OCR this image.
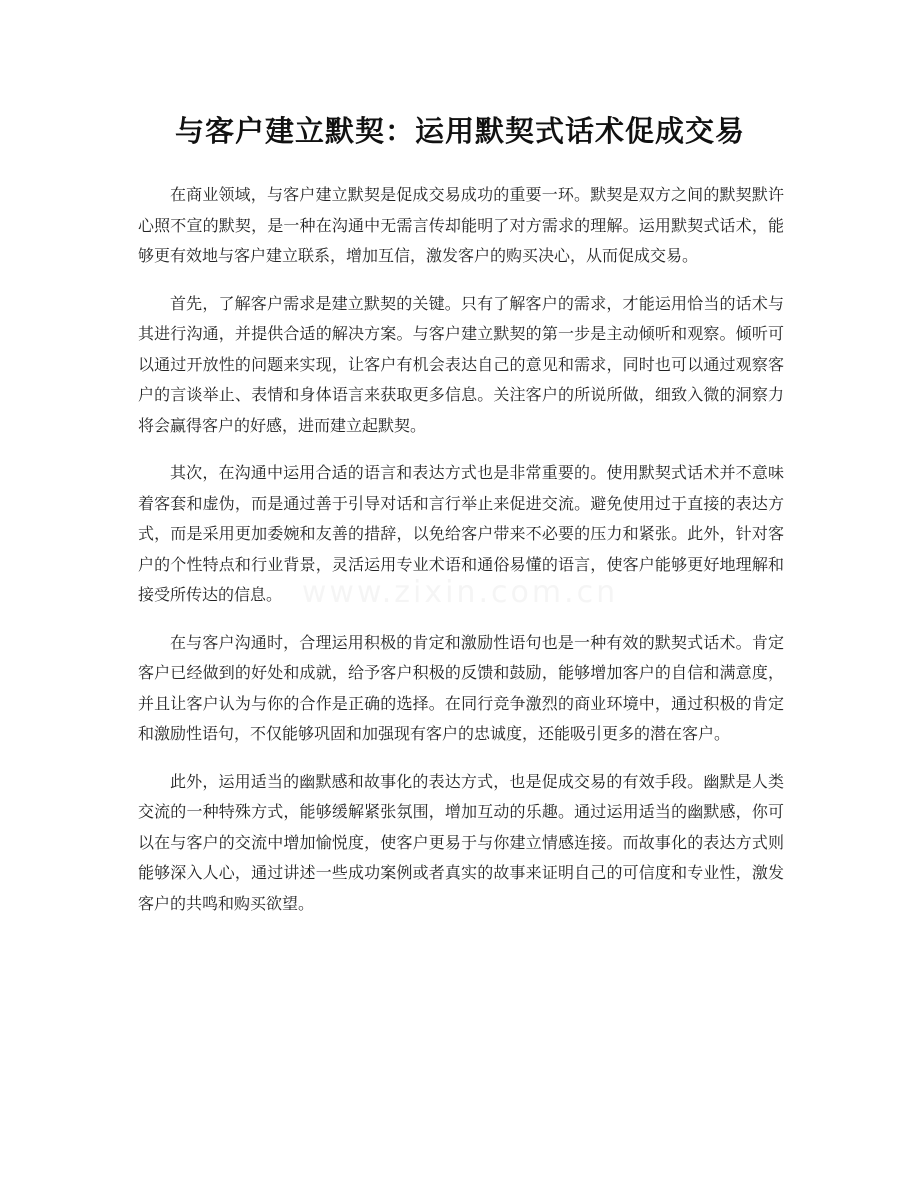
与客户建立默契：运用默契式话术促成交易

在商业领域，与客户建立默契是促成交易成功的重要一环。默契是双方之间的默契默许心照不宣的默契，是一种在沟通中无需言传却能明了对方需求的理解。运用默契式话术，能够更有效地与客户建立联系，增加互信，激发客户的购买决心，从而促成交易。

首先，了解客户需求是建立默契的关键。只有了解客户的需求，才能运用恰当的话术与其进行沟通，并提供合适的解决方案。与客户建立默契的第一步是主动倾听和观察。倾听可以通过开放性的问题来实现，让客户有机会表达自己的意见和需求，同时也可以通过观察客户的言谈举止、表情和身体语言来获取更多信息。关注客户的所说所做，细致入微的洞察力将会赢得客户的好感，进而建立起默契。

其次，在沟通中运用合适的语言和表达方式也是非常重要的。使用默契式话术并不意味着客套和虚伪，而是通过善于引导对话和言行举止来促进交流。避免使用过于直接的表达方式，而是采用更加委婉和友善的措辞，以免给客户带来不必要的压力和紧张。此外，针对客户的个性特点和行业背景，灵活运用专业术语和通俗易懂的语言，使客户能够更好地理解和接受所传达的信息。

在与客户沟通时，合理运用积极的肯定和激励性语句也是一种有效的默契式话术。肯定客户已经做到的好处和成就，给予客户积极的反馈和鼓励，能够增加客户的自信和满意度，并且让客户认为与你的合作是正确的选择。在同行竞争激烈的商业环境中，通过积极的肯定和激励性语句，不仅能够巩固和加强现有客户的忠诚度，还能吸引更多的潜在客户。

此外，运用适当的幽默感和故事化的表达方式，也是促成交易的有效手段。幽默是人类交流的一种特殊方式，能够缓解紧张氛围，增加互动的乐趣。通过运用适当的幽默感，你可以在与客户的交流中增加愉悦度，使客户更易于与你建立情感连接。而故事化的表达方式则能够深入人心，通过讲述一些成功案例或者真实的故事来证明自己的可信度和专业性，激发客户的共鸣和购买欲望。

www.zixin.com.cn
